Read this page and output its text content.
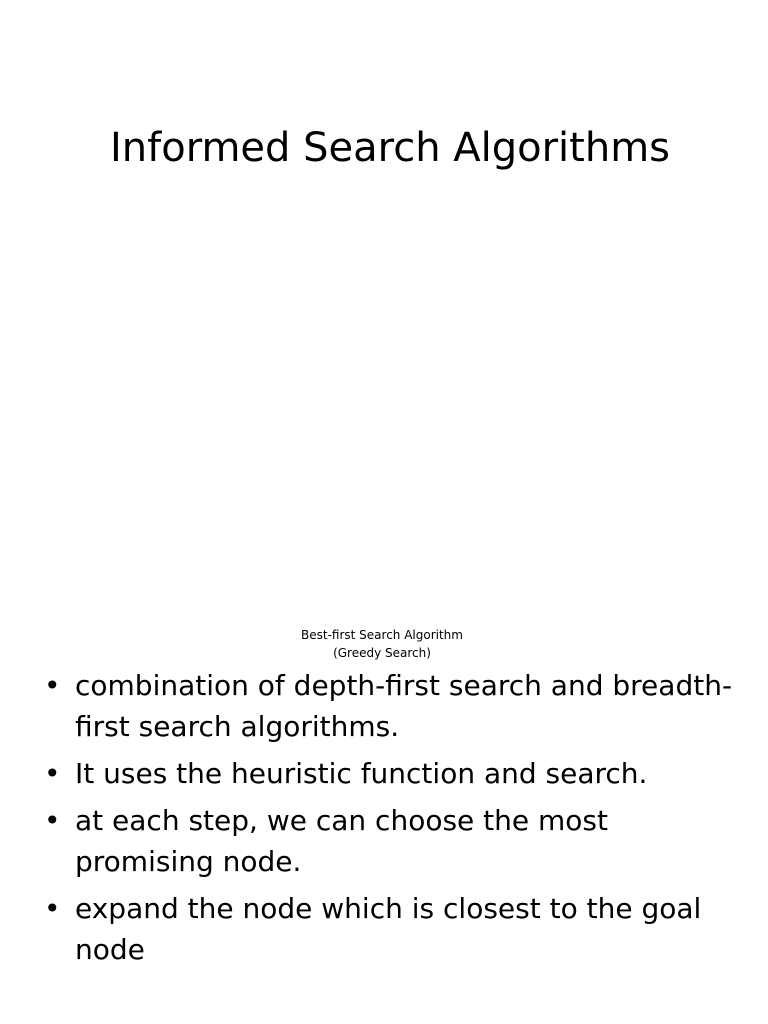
Informed Search Algorithms
Best-first Search Algorithm
(Greedy Search)
• combination of depth-first search and breadth-first search algorithms.
• It uses the heuristic function and search.
• at each step, we can choose the most promising node.
• expand the node which is closest to the goal node
